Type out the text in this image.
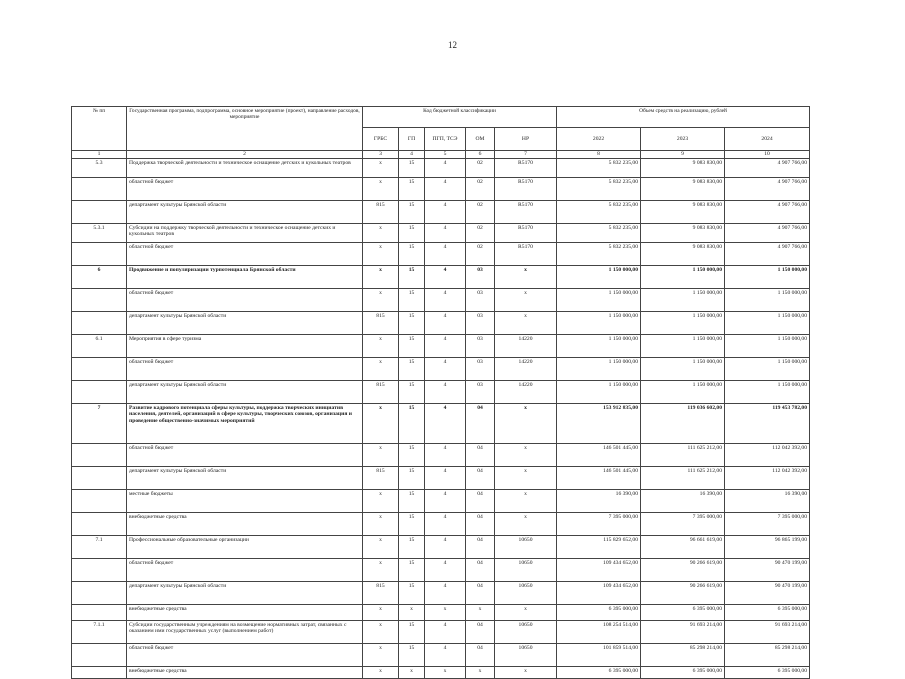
12
№ пп	Государственная программа, подпрограмма, основное мероприятие (проект), направление расходов, мероприятие	Код бюджетной классификации					Объем средств на реализацию, рублей		
		ГРБС	ГП	ПГП, ТСЭ	ОМ	НР	2022	2023	2024
1	2	3	4	5	6	7	8	9	10
5.3	Поддержка творческой деятельности и техническое оснащение детских и кукольных театров	х	15	4	02	R5170	5 832 235,00	9 083 830,00	4 907 766,00
	областной бюджет	х	15	4	02	R5170	5 832 235,00	9 083 830,00	4 907 766,00
	департамент культуры Брянской области	815	15	4	02	R5170	5 832 235,00	9 083 830,00	4 907 766,00
5.3.1	Субсидии на поддержку творческой деятельности и техническое оснащение детских и кукольных театров	х	15	4	02	R5170	5 832 235,00	9 083 830,00	4 907 766,00
	областной бюджет	х	15	4	02	R5170	5 832 235,00	9 083 830,00	4 907 766,00
6	Продвижение и популяризации турпотенциала Брянской области	х	15	4	03	х	1 150 000,00	1 150 000,00	1 150 000,00
	областной бюджет	х	15	4	03	х	1 150 000,00	1 150 000,00	1 150 000,00
	департамент культуры Брянской области	815	15	4	03	х	1 150 000,00	1 150 000,00	1 150 000,00
6.1	Мероприятия в сфере туризма	х	15	4	03	14220	1 150 000,00	1 150 000,00	1 150 000,00
	областной бюджет	х	15	4	03	14220	1 150 000,00	1 150 000,00	1 150 000,00
	департамент культуры Брянской области	815	15	4	03	14220	1 150 000,00	1 150 000,00	1 150 000,00
7	Развитие кадрового потенциала сферы культуры, поддержка творческих инициатив населения, деятелей, организаций в сфере культуры, творческих союзов, организация и проведение общественно-значимых мероприятий	х	15	4	04	х	153 912 835,00	119 036 602,00	119 453 782,00
	областной бюджет	х	15	4	04	х	146 501 445,00	111 625 212,00	112 042 392,00
	департамент культуры Брянской области	815	15	4	04	х	146 501 445,00	111 625 212,00	112 042 392,00
	местные бюджеты	х	15	4	04	х	16 390,00	16 390,00	16 390,00
	внебюджетные средства	х	15	4	04	х	7 395 000,00	7 395 000,00	7 395 000,00
7.1	Профессиональные образовательные организации	х	15	4	04	10650	115 829 652,00	96 661 619,00	96 865 199,00
	областной бюджет	х	15	4	04	10650	109 434 652,00	90 266 619,00	90 470 199,00
	департамент культуры Брянской области	815	15	4	04	10650	109 434 652,00	90 266 619,00	90 470 199,00
	внебюджетные средства	х	х	х	х	х	6 395 000,00	6 395 000,00	6 395 000,00
7.1.1	Субсидии государственным учреждениям на возмещение нормативных затрат, связанных с оказанием ими государственных услуг (выполнением работ)	х	15	4	04	10650	108 254 514,00	91 693 214,00	91 693 214,00
	областной бюджет	х	15	4	04	10650	101 859 514,00	85 298 214,00	85 298 214,00
	внебюджетные средства	х	х	х	х	х	6 395 000,00	6 395 000,00	6 395 000,00
